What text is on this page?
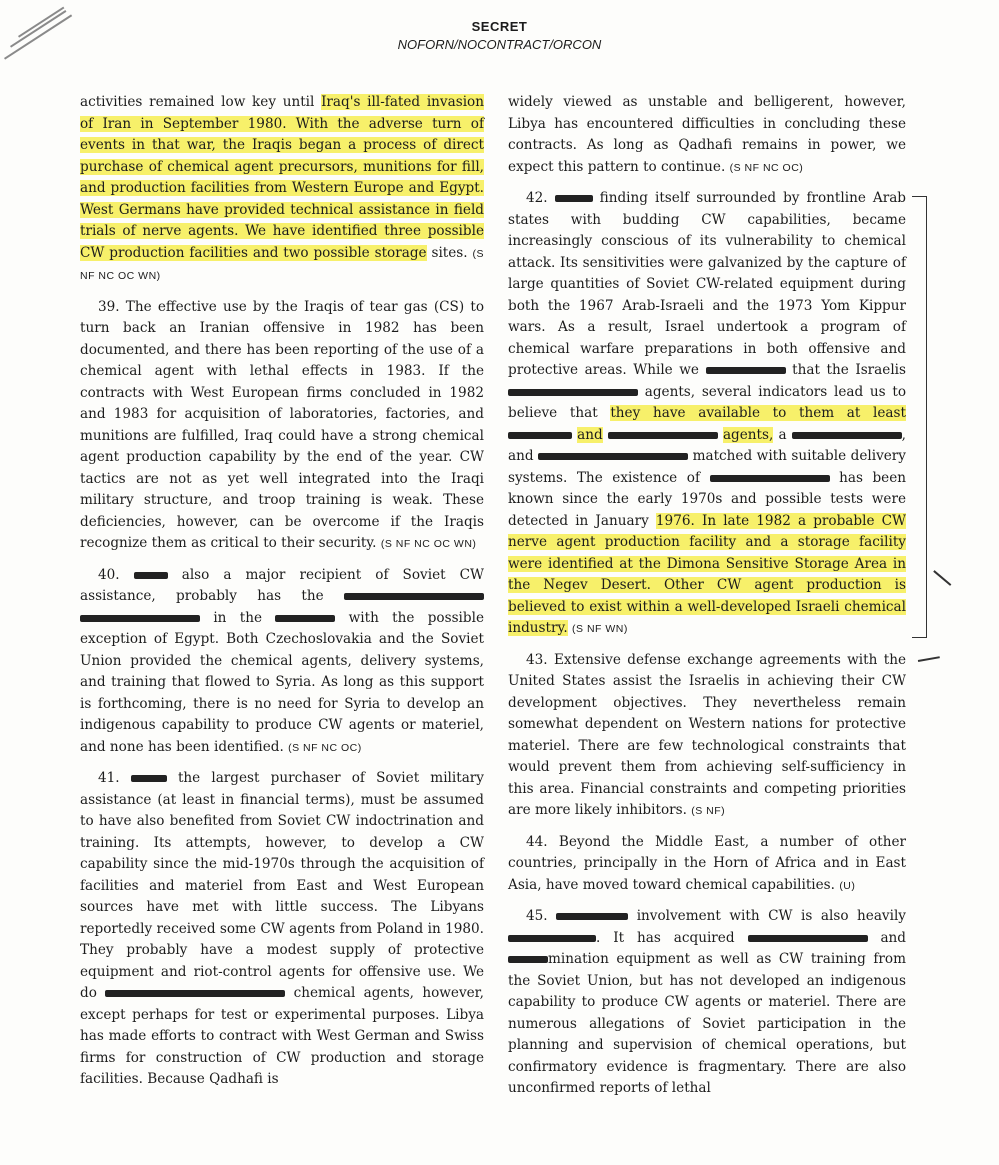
SECRET
NOFORN/NOCONTRACT/ORCON

activities remained low key until Iraq's ill-fated invasion of Iran in September 1980. With the adverse turn of events in that war, the Iraqis began a process of direct purchase of chemical agent precursors, munitions for fill, and production facilities from Western Europe and Egypt. West Germans have provided technical assistance in field trials of nerve agents. We have identified three possible CW production facilities and two possible storage sites. (S NF NC OC WN)

39. The effective use by the Iraqis of tear gas (CS) to turn back an Iranian offensive in 1982 has been documented, and there has been reporting of the use of a chemical agent with lethal effects in 1983. If the contracts with West European firms concluded in 1982 and 1983 for acquisition of laboratories, factories, and munitions are fulfilled, Iraq could have a strong chemical agent production capability by the end of the year. CW tactics are not as yet well integrated into the Iraqi military structure, and troop training is weak. These deficiencies, however, can be overcome if the Iraqis recognize them as critical to their security. (S NF NC OC WN)

40.	also a major recipient of Soviet CW assistance, probably has the   in the	with the possible exception of Egypt. Both Czechoslovakia and the Soviet Union provided the chemical agents, delivery systems, and training that flowed to Syria. As long as this support is forthcoming, there is no need for Syria to develop an indigenous capability to produce CW agents or materiel, and none has been identified. (S NF NC OC)

41.	the largest purchaser of Soviet military assistance (at least in financial terms), must be assumed to have also benefited from Soviet CW indoctrination and training. Its attempts, however, to develop a CW capability since the mid-1970s through the acquisition of facilities and materiel from East and West European sources have met with little success. The Libyans reportedly received some CW agents from Poland in 1980. They probably have a modest supply of protective equipment and riot-control agents for offensive use. We do	chemical agents, however, except perhaps for test or experimental purposes. Libya has made efforts to contract with West German and Swiss firms for construction of CW production and storage facilities. Because Qadhafi is

widely viewed as unstable and belligerent, however, Libya has encountered difficulties in concluding these contracts. As long as Qadhafi remains in power, we expect this pattern to continue. (S NF NC OC)

42.	finding itself surrounded by frontline Arab states with budding CW capabilities, became increasingly conscious of its vulnerability to chemical attack. Its sensitivities were galvanized by the capture of large quantities of Soviet CW-related equipment during both the 1967 Arab-Israeli and the 1973 Yom Kippur wars. As a result, Israel undertook a program of chemical warfare preparations in both offensive and protective areas. While we	that the Israelis  agents, several indicators lead us to believe that they have available to them at least  and	agents, a	, and	matched with suitable delivery systems. The existence of	has been known since the early 1970s and possible tests were detected in January 1976. In late 1982 a probable CW nerve agent production facility and a storage facility were identified at the Dimona Sensitive Storage Area in the Negev Desert. Other CW agent production is believed to exist within a well-developed Israeli chemical industry. (S NF WN)

43. Extensive defense exchange agreements with the United States assist the Israelis in achieving their CW development objectives. They nevertheless remain somewhat dependent on Western nations for protective materiel. There are few technological constraints that would prevent them from achieving self-sufficiency in this area. Financial constraints and competing priorities are more likely inhibitors. (S NF)

44. Beyond the Middle East, a number of other countries, principally in the Horn of Africa and in East Asia, have moved toward chemical capabilities. (U)

45.	involvement with CW is also heavily . It has acquired	and mination equipment as well as CW training from the Soviet Union, but has not developed an indigenous capability to produce CW agents or materiel. There are numerous allegations of Soviet participation in the planning and supervision of chemical operations, but confirmatory evidence is fragmentary. There are also unconfirmed reports of lethal
